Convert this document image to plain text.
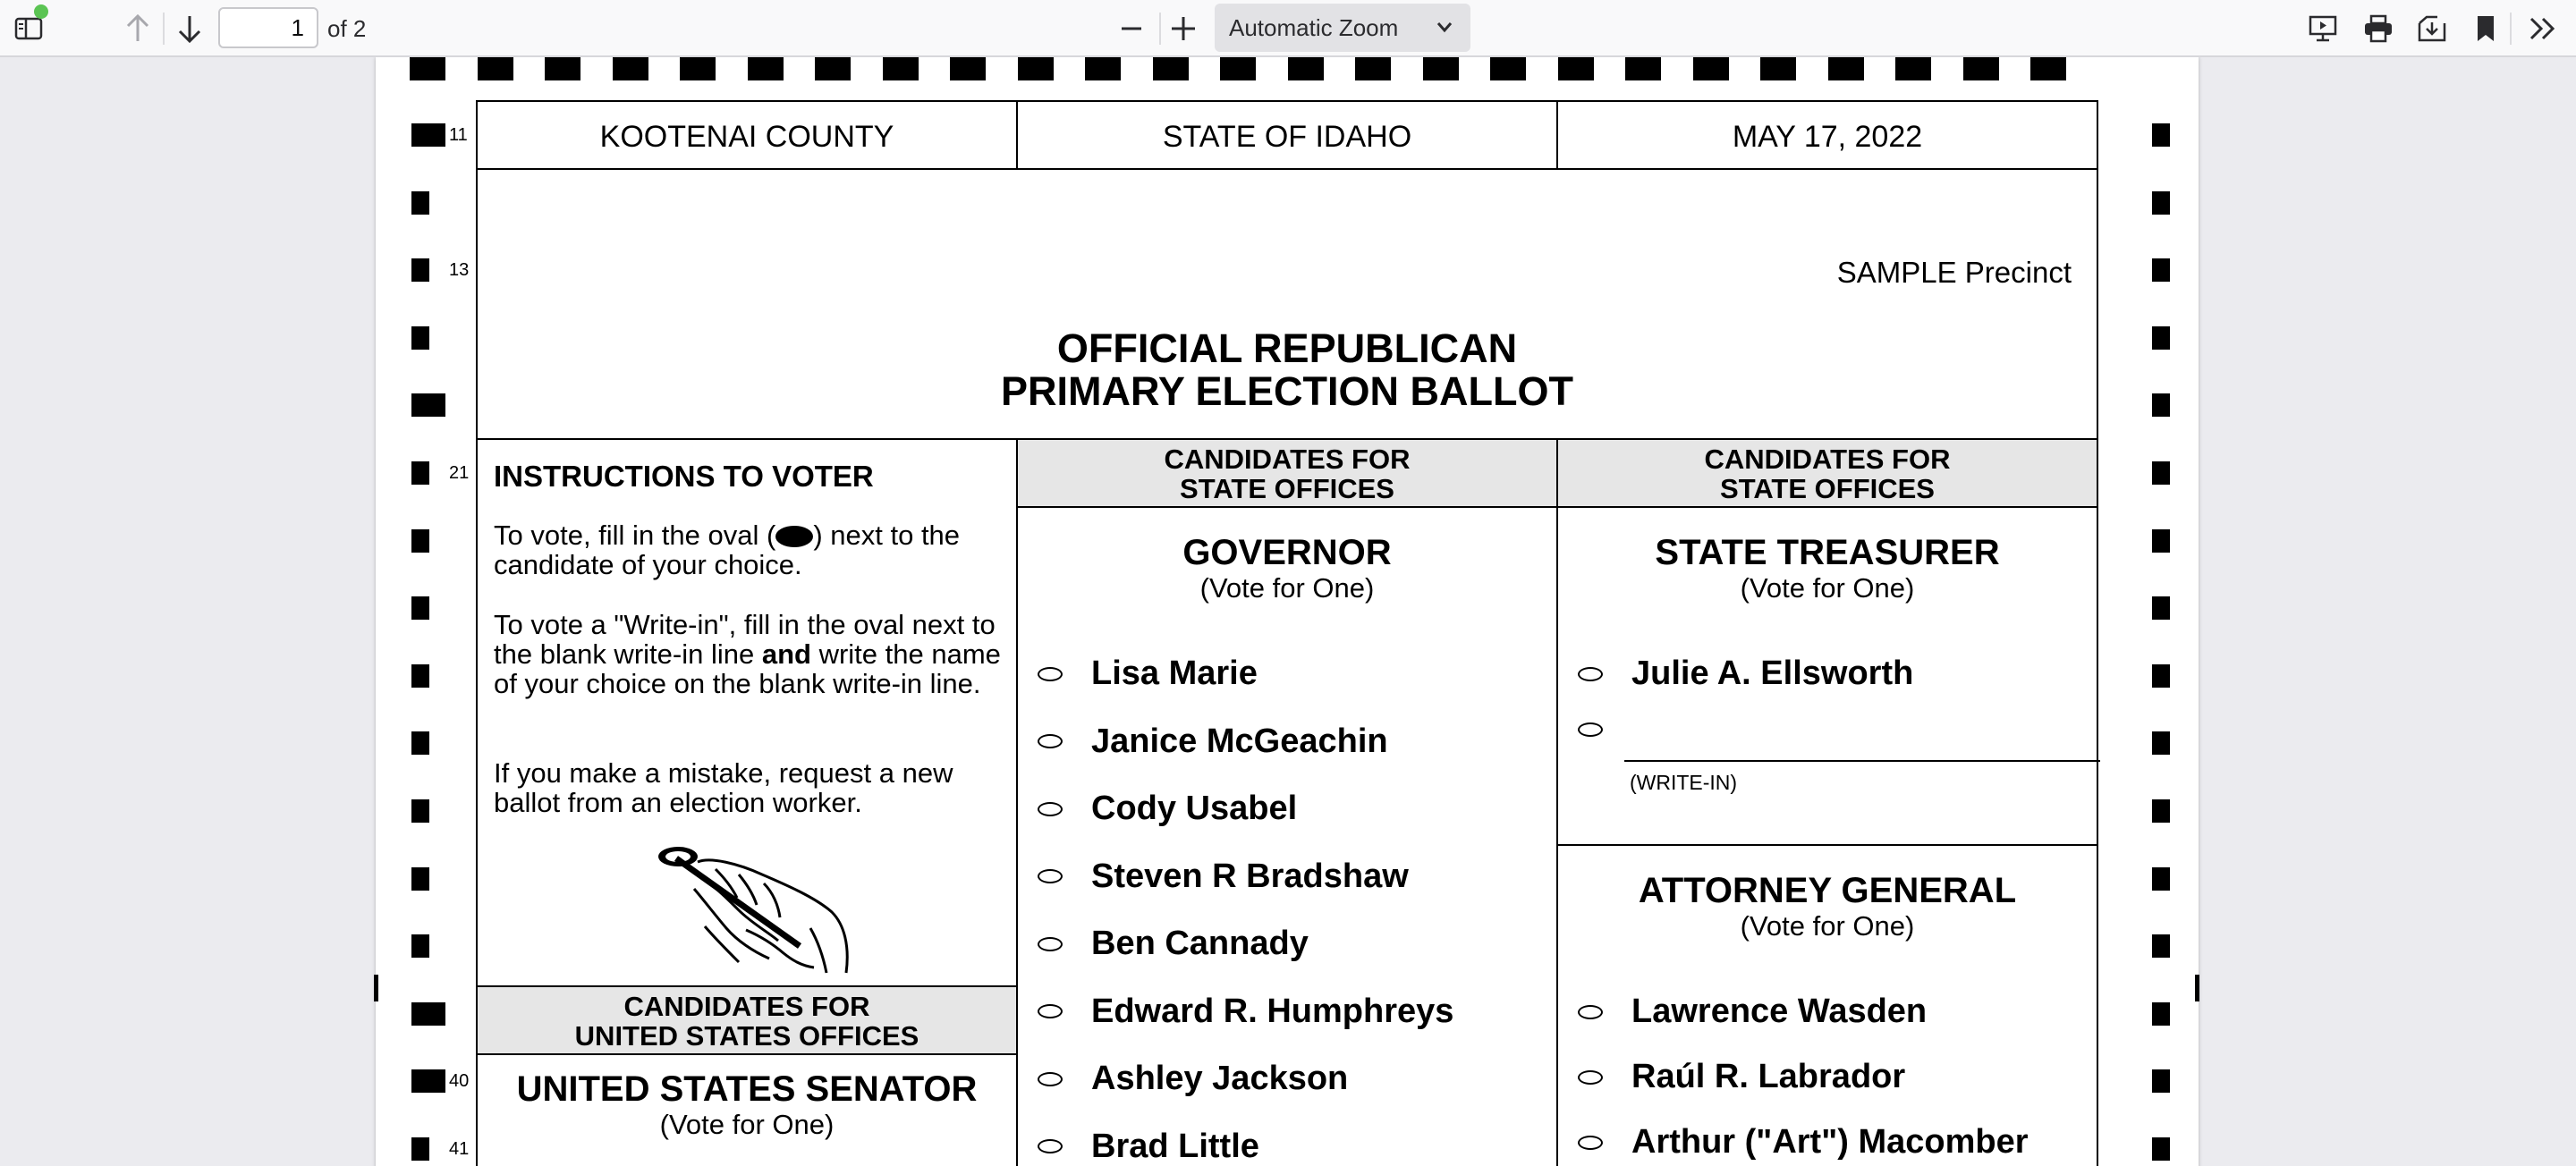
1
of 2	Automatic Zoom
11
13
21
40
41
KOOTENAI COUNTY	STATE OF IDAHO	MAY 17, 2022
SAMPLE Precinct
OFFICIAL REPUBLICAN
PRIMARY ELECTION BALLOT
INSTRUCTIONS TO VOTER
To vote, fill in the oval ( ) next to the candidate of your choice.
To vote a "Write-in", fill in the oval next to the blank write-in line and write the name of your choice on the blank write-in line.
If you make a mistake, request a new ballot from an election worker.
CANDIDATES FOR
UNITED STATES OFFICES
UNITED STATES SENATOR
(Vote for One)
CANDIDATES FOR
STATE OFFICES
GOVERNOR
(Vote for One)
Lisa Marie
Janice McGeachin
Cody Usabel
Steven R Bradshaw
Ben Cannady
Edward R. Humphreys
Ashley Jackson
Brad Little
CANDIDATES FOR
STATE OFFICES
STATE TREASURER
(Vote for One)
Julie A. Ellsworth
(WRITE-IN)
ATTORNEY GENERAL
(Vote for One)
Lawrence Wasden
Raúl R. Labrador
Arthur ("Art") Macomber
